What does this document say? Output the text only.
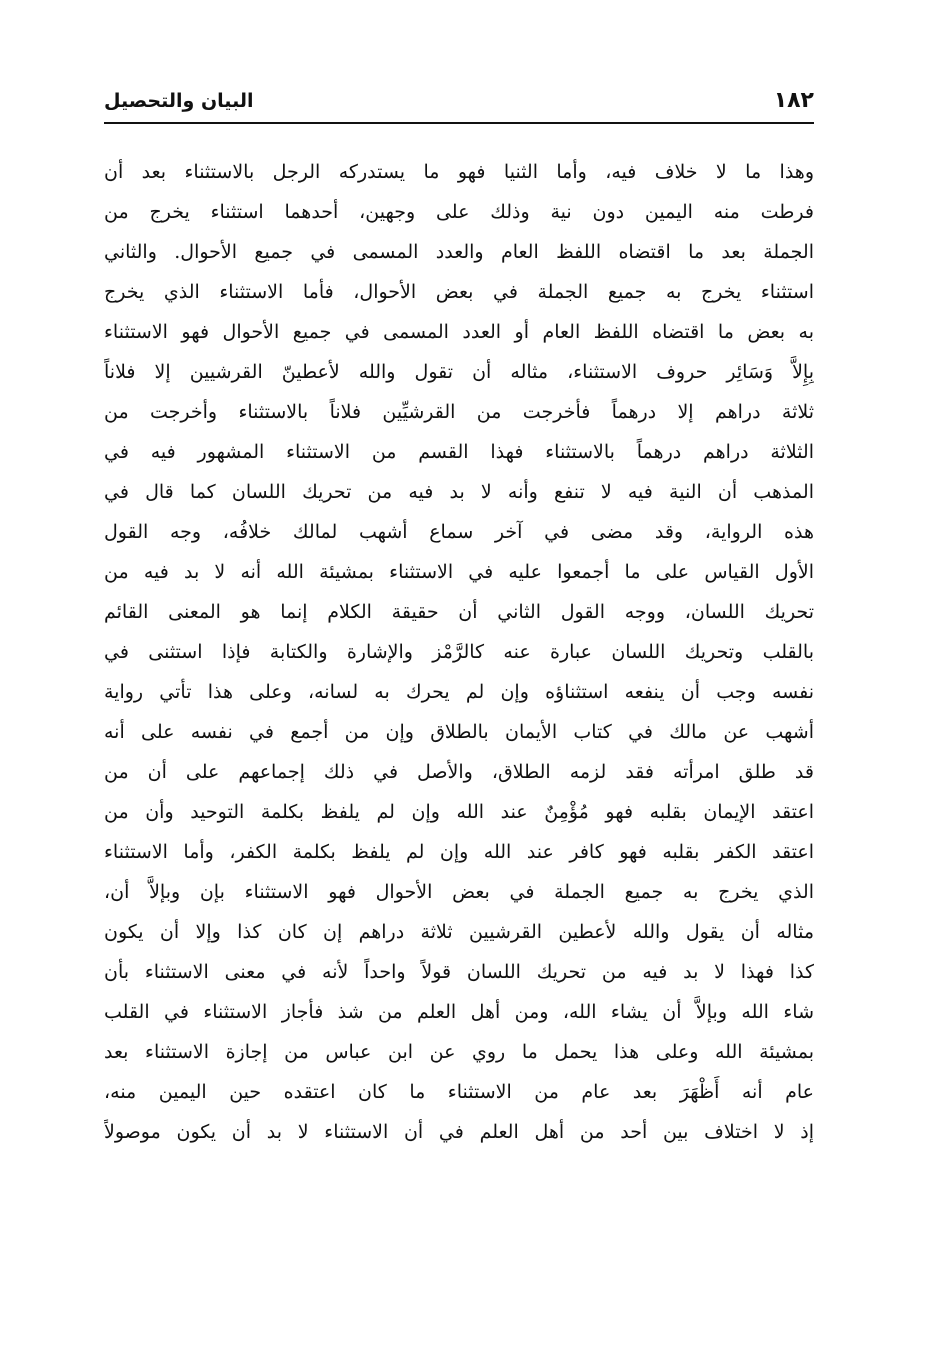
١٨٢
البيان والتحصيل
وهذا ما لا خلاف فيه، وأما الثنيا فهو ما يستدركه الرجل بالاستثناء بعد أن
فرطت منه اليمين دون نية وذلك على وجهين، أحدهما استثناء يخرج من
الجملة بعد ما اقتضاه اللفظ العام والعدد المسمى في جميع الأحوال. والثاني
استثناء يخرج به جميع الجملة في بعض الأحوال، فأما الاستثناء الذي يخرج
به بعض ما اقتضاه اللفظ العام أو العدد المسمى في جميع الأحوال فهو الاستثناء
بِإِلاَّ وَسَائِر حروف الاستثناء، مثاله أن تقول والله لأعطينّ القرشيين إلا فلاناً
ثلاثة دراهم إلا درهماً فأخرجت من القرشيِّين فلاناً بالاستثناء وأخرجت من
الثلاثة دراهم درهماً بالاستثناء فهذا القسم من الاستثناء المشهور فيه في
المذهب أن النية فيه لا تنفع وأنه لا بد فيه من تحريك اللسان كما قال في
هذه الرواية، وقد مضى في آخر سماع أشهب لمالك خلافُه، وجه القول
الأول القياس على ما أجمعوا عليه في الاستثناء بمشيئة الله أنه لا بد فيه من
تحريك اللسان، ووجه القول الثاني أن حقيقة الكلام إنما هو المعنى القائم
بالقلب وتحريك اللسان عبارة عنه كالرَّمْز والإشارة والكتابة فإذا استثنى في
نفسه وجب أن ينفعه استثناؤه وإن لم يحرك به لسانه، وعلى هذا تأتي رواية
أشهب عن مالك في كتاب الأيمان بالطلاق وإن من أجمع في نفسه على أنه
قد طلق امرأته فقد لزمه الطلاق، والأصل في ذلك إجماعهم على أن من
اعتقد الإيمان بقلبه فهو مُؤْمِنٌ عند الله وإن لم يلفظ بكلمة التوحيد وأن من
اعتقد الكفر بقلبه فهو كافر عند الله وإن لم يلفظ بكلمة الكفر، وأما الاستثناء
الذي يخرج به جميع الجملة في بعض الأحوال فهو الاستثناء بإن وبإلاَّ أن،
مثاله أن يقول والله لأعطين القرشيين ثلاثة دراهم إن كان كذا وإلا أن يكون
كذا فهذا لا بد فيه من تحريك اللسان قولاً واحداً لأنه في معنى الاستثناء بأن
شاء الله وبإلاَّ أن يشاء الله، ومن أهل العلم من شذ فأجاز الاستثناء في القلب
بمشيئة الله وعلى هذا يحمل ما روي عن ابن عباس من إجازة الاستثناء بعد
عام أنه أَظْهَرَ بعد عام من الاستثناء ما كان اعتقده حين اليمين منه،
إذ لا اختلاف بين أحد من أهل العلم في أن الاستثناء لا بد أن يكون موصولاً
